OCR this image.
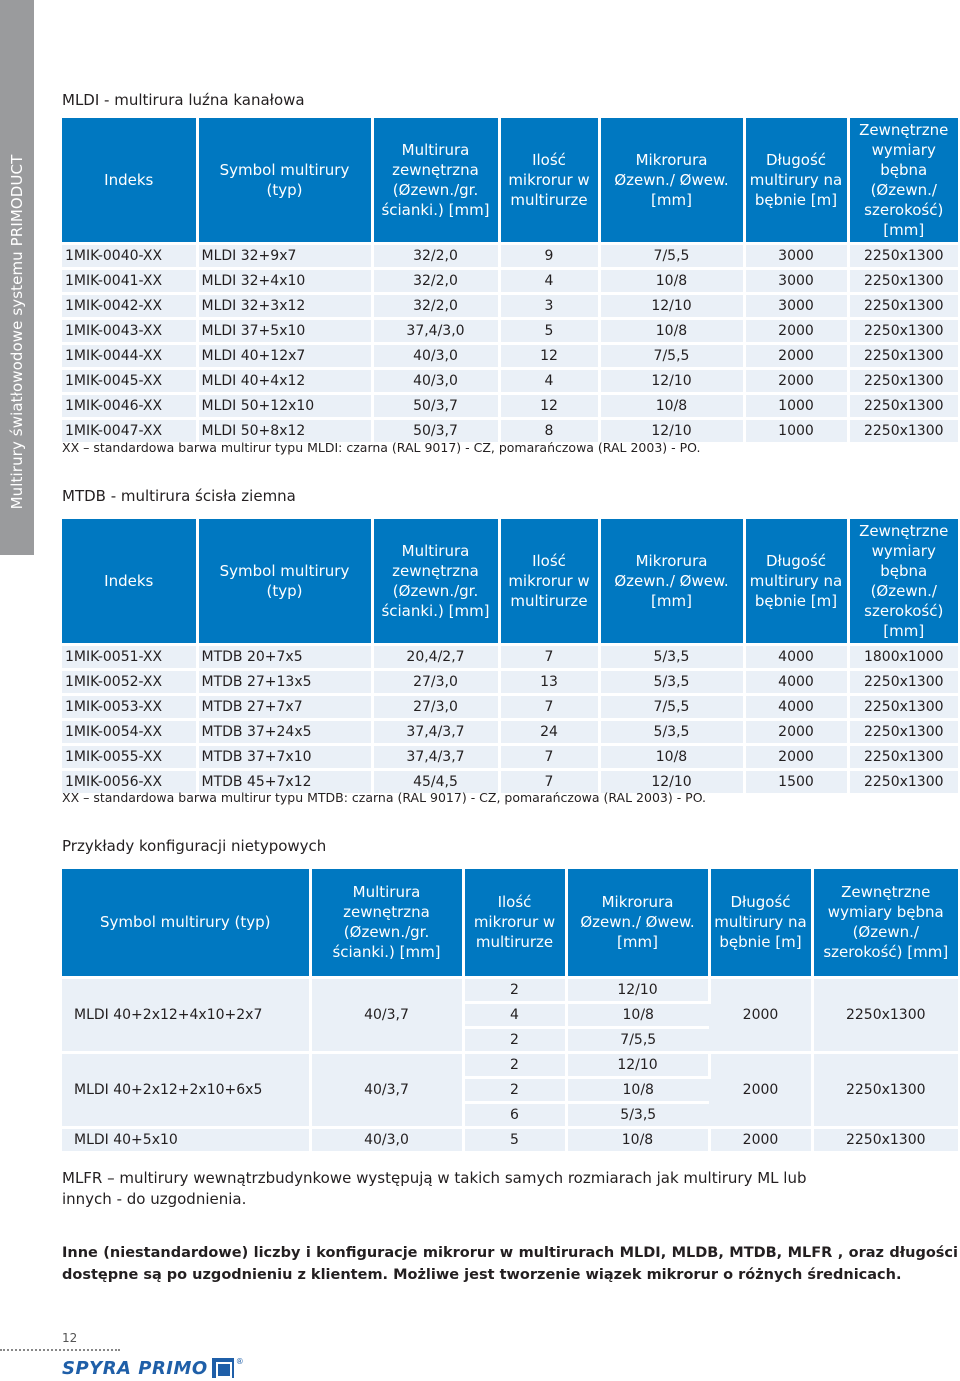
Multirury światłowodowe systemu PRIMODUCT
MLDI - multirura luźna kanałowa
Indeks	Symbol multirury (typ)	Multirura zewnętrzna (Øzewn./gr. ścianki.) [mm]	Ilość mikrorur w multirurze	Mikrorura Øzewn./ Øwew. [mm]	Długość multirury na bębnie [m]	Zewnętrzne wymiary bębna (Øzewn./ szerokość) [mm]
1MIK-0040-XX	MLDI 32+9x7	32/2,0	9	7/5,5	3000	2250x1300
1MIK-0041-XX	MLDI 32+4x10	32/2,0	4	10/8	3000	2250x1300
1MIK-0042-XX	MLDI 32+3x12	32/2,0	3	12/10	3000	2250x1300
1MIK-0043-XX	MLDI 37+5x10	37,4/3,0	5	10/8	2000	2250x1300
1MIK-0044-XX	MLDI 40+12x7	40/3,0	12	7/5,5	2000	2250x1300
1MIK-0045-XX	MLDI 40+4x12	40/3,0	4	12/10	2000	2250x1300
1MIK-0046-XX	MLDI 50+12x10	50/3,7	12	10/8	1000	2250x1300
1MIK-0047-XX	MLDI 50+8x12	50/3,7	8	12/10	1000	2250x1300
XX – standardowa barwa multirur typu MLDI: czarna (RAL 9017) - CZ, pomarańczowa (RAL 2003) - PO.
MTDB - multirura ścisła ziemna
Indeks	Symbol multirury (typ)	Multirura zewnętrzna (Øzewn./gr. ścianki.) [mm]	Ilość mikrorur w multirurze	Mikrorura Øzewn./ Øwew. [mm]	Długość multirury na bębnie [m]	Zewnętrzne wymiary bębna (Øzewn./ szerokość) [mm]
1MIK-0051-XX	MTDB 20+7x5	20,4/2,7	7	5/3,5	4000	1800x1000
1MIK-0052-XX	MTDB 27+13x5	27/3,0	13	5/3,5	4000	2250x1300
1MIK-0053-XX	MTDB 27+7x7	27/3,0	7	7/5,5	4000	2250x1300
1MIK-0054-XX	MTDB 37+24x5	37,4/3,7	24	5/3,5	2000	2250x1300
1MIK-0055-XX	MTDB 37+7x10	37,4/3,7	7	10/8	2000	2250x1300
1MIK-0056-XX	MTDB 45+7x12	45/4,5	7	12/10	1500	2250x1300
XX – standardowa barwa multirur typu MTDB: czarna (RAL 9017) - CZ, pomarańczowa (RAL 2003) - PO.
Przykłady konfiguracji nietypowych
Symbol multirury (typ)	Multirura zewnętrzna (Øzewn./gr. ścianki.) [mm]	Ilość mikrorur w multirurze	Mikrorura Øzewn./ Øwew. [mm]	Długość multirury na bębnie [m]	Zewnętrzne wymiary bębna (Øzewn./ szerokość) [mm]
MLDI 40+2x12+4x10+2x7	40/3,7	2	12/10	2000	2250x1300
		4	10/8		
		2	7/5,5		
MLDI 40+2x12+2x10+6x5	40/3,7	2	12/10	2000	2250x1300
		2	10/8		
		6	5/3,5		
MLDI 40+5x10	40/3,0	5	10/8	2000	2250x1300
MLFR – multirury wewnątrzbudynkowe występują w takich samych rozmiarach jak multirury ML lub innych - do uzgodnienia.
Inne (niestandardowe) liczby i konfiguracje mikrorur w multirurach MLDI, MLDB, MTDB, MLFR , oraz długości dostępne są po uzgodnieniu z klientem. Możliwe jest tworzenie wiązek mikrorur o różnych średnicach.
12
SPYRA PRIMO	®
